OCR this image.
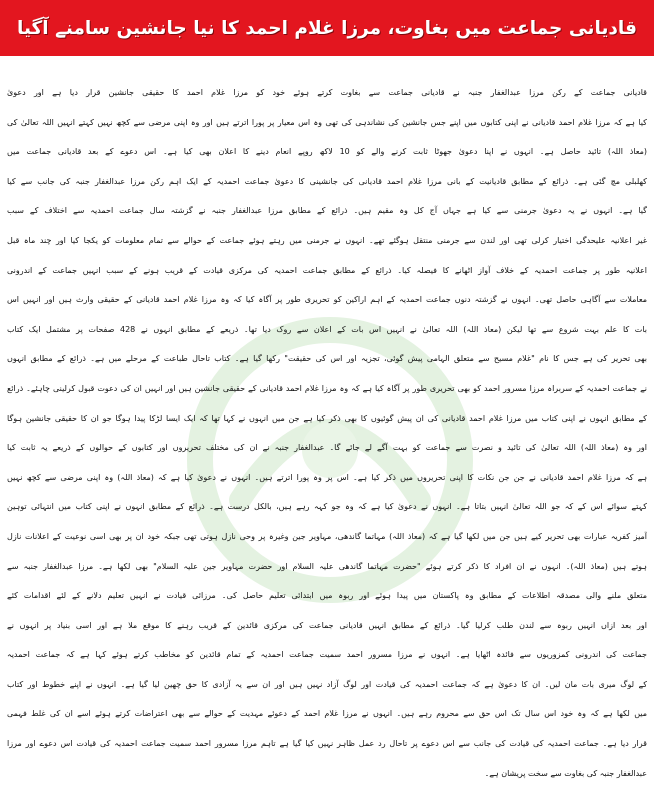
قادیانی جماعت میں بغاوت، مرزا غلام احمد کا نیا جانشین سامنے آگیا
قادیانی جماعت کے رکن مرزا عبدالغفار جنبہ نے قادیانی جماعت سے بغاوت کرتے ہوئے خود کو مرزا غلام احمد کا حقیقی جانشین قرار دیا ہے اور دعویٰ
کیا ہے کہ مرزا غلام احمد قادیانی نے اپنی کتابوں میں اپنے جس جانشین کی نشاندہی کی تھی وہ اس معیار پر پورا اترتے ہیں اور وہ اپنی مرضی سے کچھ نہیں کہتے انہیں اللہ تعالیٰ کی
(معاذ اللہ) تائید حاصل ہے۔ انہوں نے اپنا دعویٰ جھوٹا ثابت کرنے والے کو 10 لاکھ روپے انعام دینے کا اعلان بھی کیا ہے۔ اس دعوے کے بعد قادیانی جماعت میں
کھلبلی مچ گئی ہے۔ ذرائع کے مطابق قادیانیت کے بانی مرزا غلام احمد قادیانی کی جانشینی کا دعویٰ جماعت احمدیہ کے ایک اہم رکن مرزا عبدالغفار جنبہ کی جانب سے کیا
گیا ہے۔ انہوں نے یہ دعویٰ جرمنی سے کیا ہے جہاں آج کل وہ مقیم ہیں۔ ذرائع کے مطابق مرزا عبدالغفار جنبہ نے گزشتہ سال جماعت احمدیہ سے اختلاف کے سبب
غیر اعلانیہ علیحدگی اختیار کرلی تھی اور لندن سے جرمنی منتقل ہوگئے تھے۔ انہوں نے جرمنی میں رہتے ہوئے جماعت کے حوالے سے تمام معلومات کو یکجا کیا اور چند ماہ قبل
اعلانیہ طور پر جماعت احمدیہ کے خلاف آواز اٹھانے کا فیصلہ کیا۔ ذرائع کے مطابق جماعت احمدیہ کی مرکزی قیادت کے قریب ہونے کے سبب انہیں جماعت کے اندرونی
معاملات سے آگاہی حاصل تھی۔ انہوں نے گزشتہ دنوں جماعت احمدیہ کے اہم اراکین کو تحریری طور پر آگاہ کیا کہ وہ مرزا غلام احمد قادیانی کے حقیقی وارث ہیں اور انہیں اس
بات کا علم بہت شروع سے تھا لیکن (معاذ اللہ) اللہ تعالیٰ نے انہیں اس بات کے اعلان سے روک دیا تھا۔ ذریعے کے مطابق انہوں نے 428 صفحات پر مشتمل ایک کتاب
بھی تحریر کی ہے جس کا نام "غلام مسیح سے متعلق الہامی پیش گوئی، تجزیہ اور اس کی حقیقت" رکھا گیا ہے۔ کتاب تاحال طباعت کے مرحلے میں ہے۔ ذرائع کے مطابق انہوں
نے جماعت احمدیہ کے سربراہ مرزا مسرور احمد کو بھی تحریری طور پر آگاہ کیا ہے کہ وہ مرزا غلام احمد قادیانی کے حقیقی جانشین ہیں اور انہیں ان کی دعوت قبول کرلینی چاہئے۔ ذرائع
کے مطابق انہوں نے اپنی کتاب میں مرزا غلام احمد قادیانی کی ان پیش گوئیوں کا بھی ذکر کیا ہے جن میں انہوں نے کہا تھا کہ ایک ایسا لڑکا پیدا ہوگا جو ان کا حقیقی جانشین ہوگا
اور وہ (معاذ اللہ) اللہ تعالیٰ کی تائید و نصرت سے جماعت کو بہت آگے لے جائے گا۔ عبدالغفار جنبہ نے ان کی مختلف تحریروں اور کتابوں کے حوالوں کے ذریعے یہ ثابت کیا
ہے کہ مرزا غلام احمد قادیانی نے جن جن نکات کا اپنی تحریروں میں ذکر کیا ہے۔ اس پر وہ پورا اترتے ہیں۔ انہوں نے دعویٰ کیا ہے کہ (معاذ اللہ) وہ اپنی مرضی سے کچھ نہیں
کہتے سوائے اس کے کہ جو اللہ تعالیٰ انہیں بتاتا ہے۔ انہوں نے دعویٰ کیا ہے کہ وہ جو کہہ رہے ہیں، بالکل درست ہے۔ ذرائع کے مطابق انہوں نے اپنی کتاب میں انتہائی توہین
آمیز کفریہ عبارات بھی تحریر کیے ہیں جن میں لکھا گیا ہے کہ (معاذ اللہ) مہاتما گاندھی، مہاویر جین وغیرہ پر وحی نازل ہوتی تھی جبکہ خود ان پر بھی اسی نوعیت کے اعلانات نازل
ہوتے ہیں (معاذ اللہ)۔ انہوں نے ان افراد کا ذکر کرتے ہوئے "حضرت مہاتما گاندھی علیہ السلام اور حضرت مہاویر جین علیہ السلام" بھی لکھا ہے۔ مرزا عبدالغفار جنبہ سے
متعلق ملنے والی مصدقہ اطلاعات کے مطابق وہ پاکستان میں پیدا ہوئے اور ربوہ میں ابتدائی تعلیم حاصل کی۔ مرزائی قیادت نے انہیں تعلیم دلانے کے لئے اقدامات کئے
اور بعد ازاں انہیں ربوہ سے لندن طلب کرلیا گیا۔ ذرائع کے مطابق انہیں قادیانی جماعت کی مرکزی قائدین کے قریب رہنے کا موقع ملا ہے اور اسی بنیاد پر انہوں نے
جماعت کی اندرونی کمزوریوں سے فائدہ اٹھایا ہے۔ انہوں نے مرزا مسرور احمد سمیت جماعت احمدیہ کے تمام قائدین کو مخاطب کرتے ہوئے کہا ہے کہ جماعت احمدیہ
کے لوگ میری بات مان لیں۔ ان کا دعویٰ ہے کہ جماعت احمدیہ کی قیادت اور لوگ آزاد نہیں ہیں اور ان سے یہ آزادی کا حق چھین لیا گیا ہے۔ انہوں نے اپنے خطوط اور کتاب
میں لکھا ہے کہ وہ خود اس سال تک اس حق سے محروم رہے ہیں۔ انہوں نے مرزا غلام احمد کے دعوئے مہدیت کے حوالے سے بھی اعتراضات کرتے ہوئے اسے ان کی غلط فہمی
قرار دیا ہے۔ جماعت احمدیہ کی قیادت کی جانب سے اس دعوے پر تاحال رد عمل ظاہر نہیں کیا گیا ہے تاہم مرزا مسرور احمد سمیت جماعت احمدیہ کی قیادت اس دعوے اور مرزا
عبدالغفار جنبہ کی بغاوت سے سخت پریشان ہے۔
